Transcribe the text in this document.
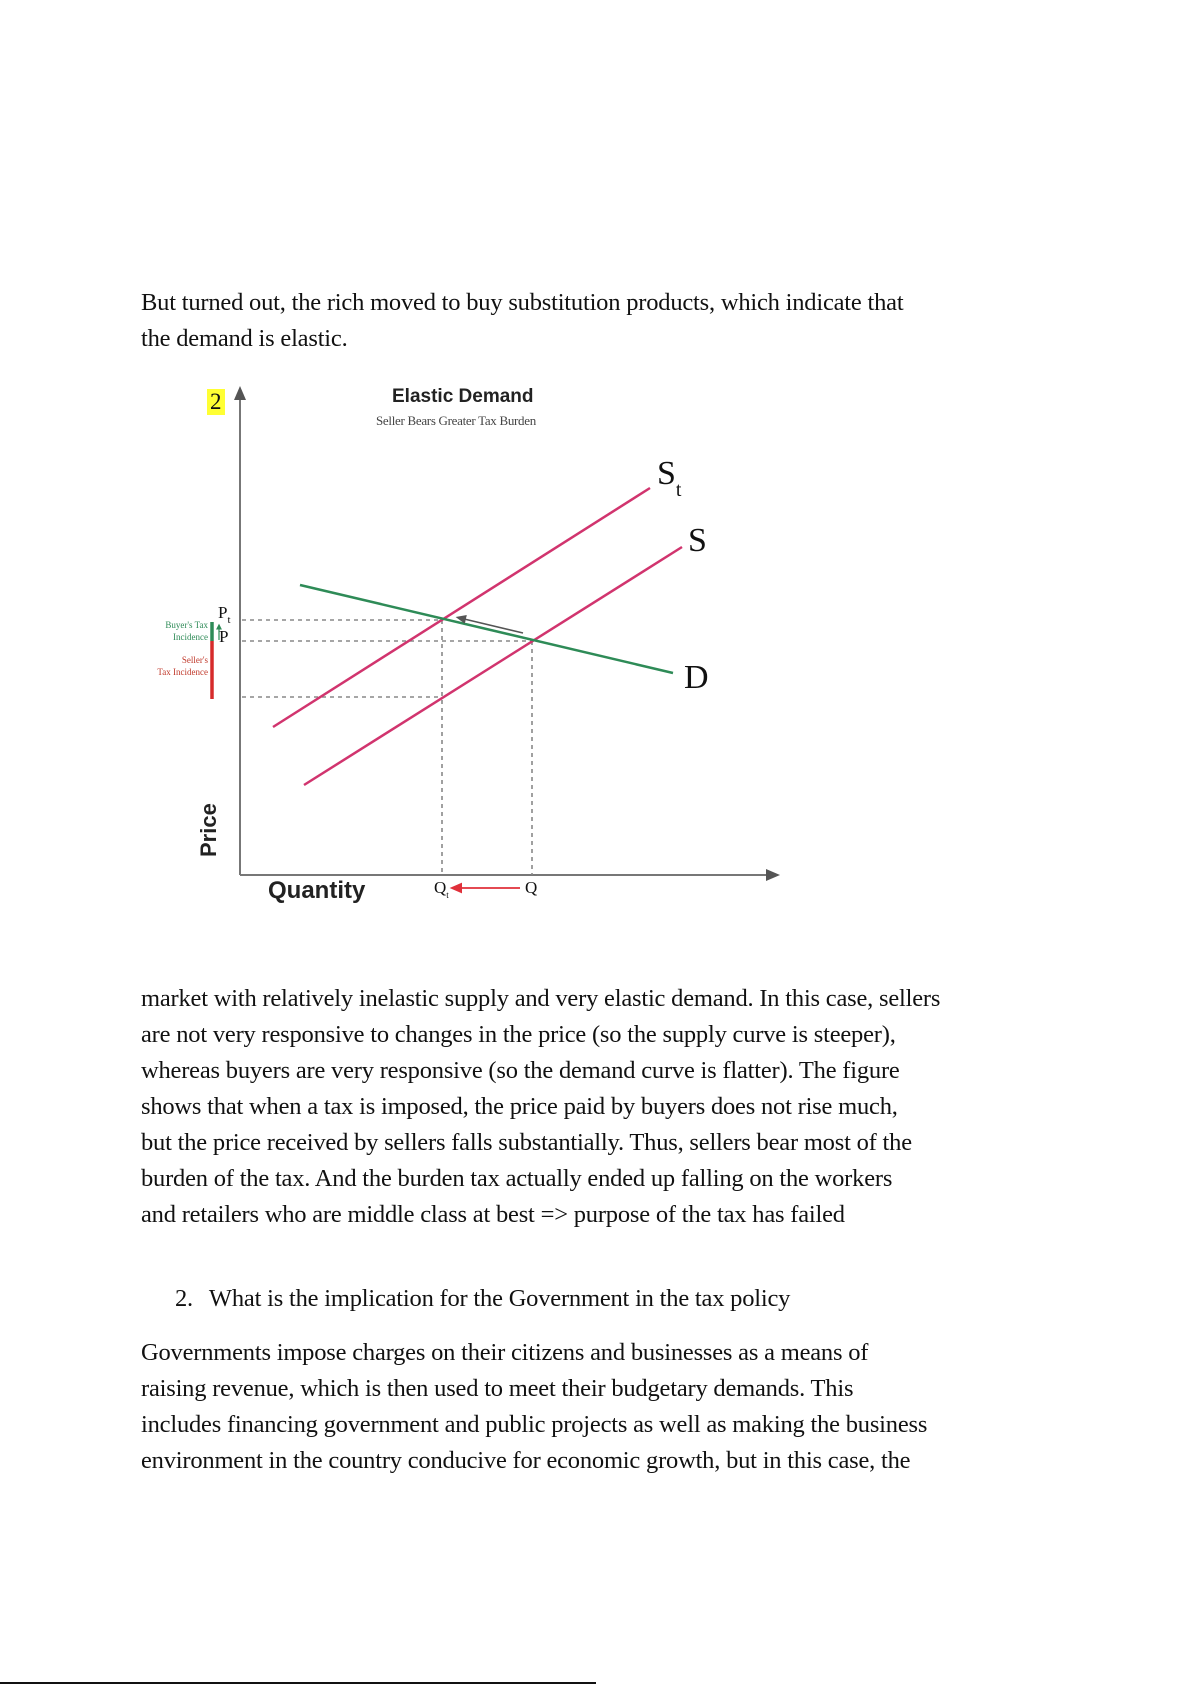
But turned out, the rich moved to buy substitution products, which indicate that
the demand is elastic.
2	Elastic Demand
Seller Bears Greater Tax Burden
$S_t$
S
D
$P_t$
P
Buyer's Tax
Incidence
Seller's
Tax Incidence
Price
Quantity	$Q_t$	Q
market with relatively inelastic supply and very elastic demand. In this case, sellers
are not very responsive to changes in the price (so the supply curve is steeper),
whereas buyers are very responsive (so the demand curve is flatter). The figure
shows that when a tax is imposed, the price paid by buyers does not rise much,
but the price received by sellers falls substantially. Thus, sellers bear most of the
burden of the tax. And the burden tax actually ended up falling on the workers
and retailers who are middle class at best => purpose of the tax has failed
2. What is the implication for the Government in the tax policy
Governments impose charges on their citizens and businesses as a means of
raising revenue, which is then used to meet their budgetary demands. This
includes financing government and public projects as well as making the business
environment in the country conducive for economic growth, but in this case, the
